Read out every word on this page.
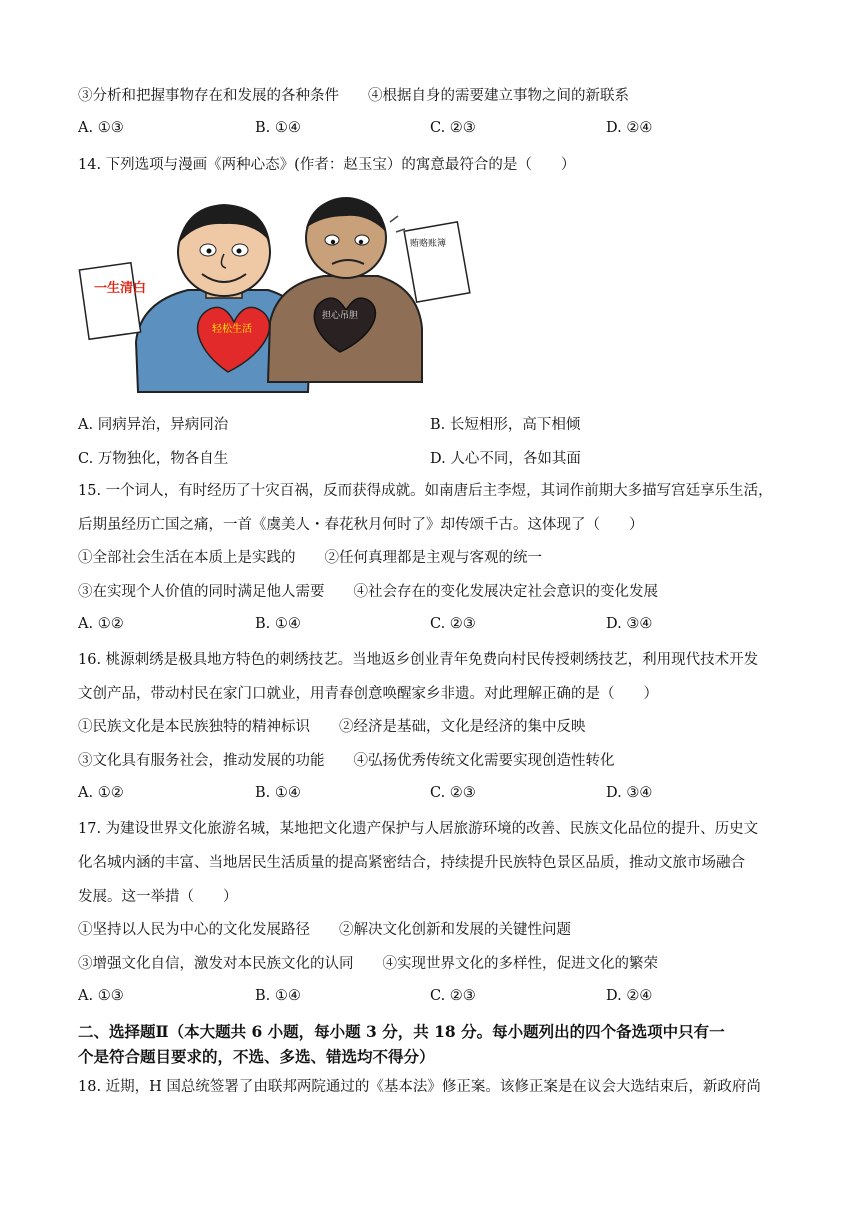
③分析和把握事物存在和发展的各种条件　　④根据自身的需要建立事物之间的新联系
A. ①③	B. ①④	C. ②③	D. ②④
14. 下列选项与漫画《两种心态》(作者：赵玉宝）的寓意最符合的是（　　）
一生清白
轻松生活
担心吊胆
贿赂账簿
A. 同病异治，异病同治	B. 长短相形，高下相倾
C. 万物独化，物各自生	D. 人心不同，各如其面
15. 一个词人，有时经历了十灾百祸，反而获得成就。如南唐后主李煜，其词作前期大多描写宫廷享乐生活，
后期虽经历亡国之痛，一首《虞美人・春花秋月何时了》却传颂千古。这体现了（　　）
①全部社会生活在本质上是实践的　　②任何真理都是主观与客观的统一
③在实现个人价值的同时满足他人需要　　④社会存在的变化发展决定社会意识的变化发展
A. ①②	B. ①④	C. ②③	D. ③④
16. 桃源刺绣是极具地方特色的刺绣技艺。当地返乡创业青年免费向村民传授刺绣技艺，利用现代技术开发
文创产品，带动村民在家门口就业，用青春创意唤醒家乡非遗。对此理解正确的是（　　）
①民族文化是本民族独特的精神标识　　②经济是基础，文化是经济的集中反映
③文化具有服务社会，推动发展的功能　　④弘扬优秀传统文化需要实现创造性转化
A. ①②	B. ①④	C. ②③	D. ③④
17. 为建设世界文化旅游名城，某地把文化遗产保护与人居旅游环境的改善、民族文化品位的提升、历史文
化名城内涵的丰富、当地居民生活质量的提高紧密结合，持续提升民族特色景区品质，推动文旅市场融合
发展。这一举措（　　）
①坚持以人民为中心的文化发展路径　　②解决文化创新和发展的关键性问题
③增强文化自信，激发对本民族文化的认同　　④实现世界文化的多样性，促进文化的繁荣
A. ①③	B. ①④	C. ②③	D. ②④
二、选择题Ⅱ（本大题共 6 小题，每小题 3 分，共 18 分。每小题列出的四个备选项中只有一
个是符合题目要求的，不选、多选、错选均不得分）
18. 近期，H 国总统签署了由联邦两院通过的《基本法》修正案。该修正案是在议会大选结束后，新政府尚
